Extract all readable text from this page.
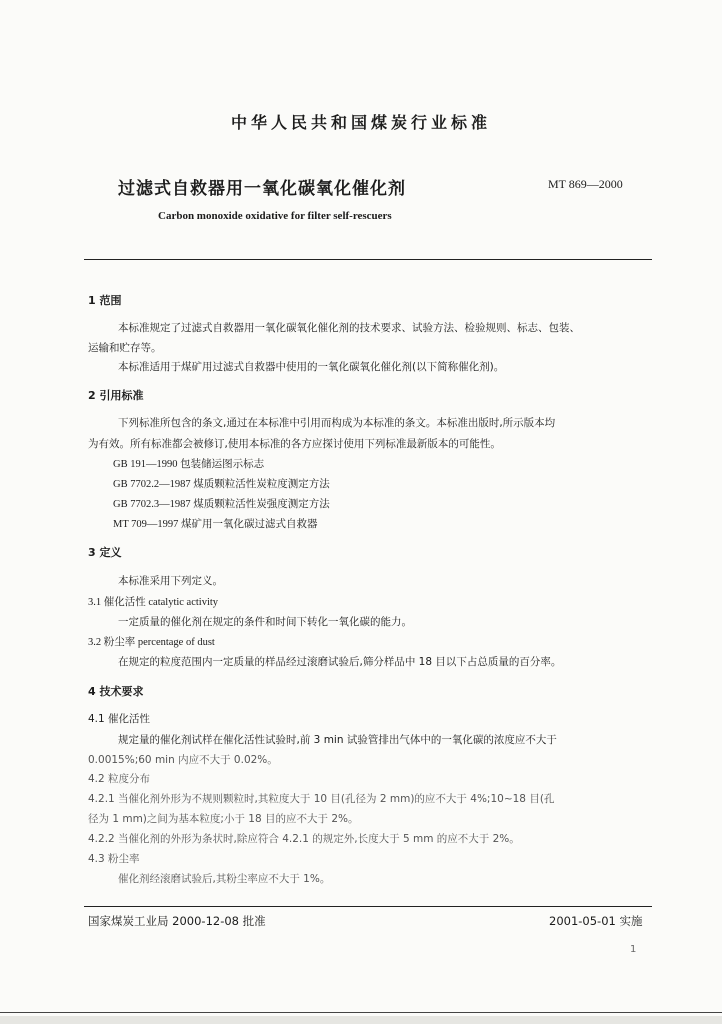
中华人民共和国煤炭行业标准
过滤式自救器用一氧化碳氧化催化剂	MT 869—2000
Carbon monoxide oxidative for filter self-rescuers
1 范围
本标准规定了过滤式自救器用一氧化碳氧化催化剂的技术要求、试验方法、检验规则、标志、包装、
运输和贮存等。
本标准适用于煤矿用过滤式自救器中使用的一氧化碳氧化催化剂(以下简称催化剂)。
2 引用标准
下列标准所包含的条文,通过在本标准中引用而构成为本标准的条文。本标准出版时,所示版本均
为有效。所有标准都会被修订,使用本标准的各方应探讨使用下列标准最新版本的可能性。
GB 191—1990 包装储运图示标志
GB 7702.2—1987 煤质颗粒活性炭粒度测定方法
GB 7702.3—1987 煤质颗粒活性炭强度测定方法
MT 709—1997 煤矿用一氧化碳过滤式自救器
3 定义
本标准采用下列定义。
3.1 催化活性 catalytic activity
一定质量的催化剂在规定的条件和时间下转化一氧化碳的能力。
3.2 粉尘率 percentage of dust
在规定的粒度范围内一定质量的样品经过滚磨试验后,筛分样品中 18 目以下占总质量的百分率。
4 技术要求
4.1 催化活性
规定量的催化剂试样在催化活性试验时,前 3 min 试验管排出气体中的一氧化碳的浓度应不大于
0.0015%;60 min 内应不大于 0.02%。
4.2 粒度分布
4.2.1 当催化剂外形为不规则颗粒时,其粒度大于 10 目(孔径为 2 mm)的应不大于 4%;10~18 目(孔
径为 1 mm)之间为基本粒度;小于 18 目的应不大于 2%。
4.2.2 当催化剂的外形为条状时,除应符合 4.2.1 的规定外,长度大于 5 mm 的应不大于 2%。
4.3 粉尘率
催化剂经滚磨试验后,其粉尘率应不大于 1%。
国家煤炭工业局 2000-12-08 批准	2001-05-01 实施
1
